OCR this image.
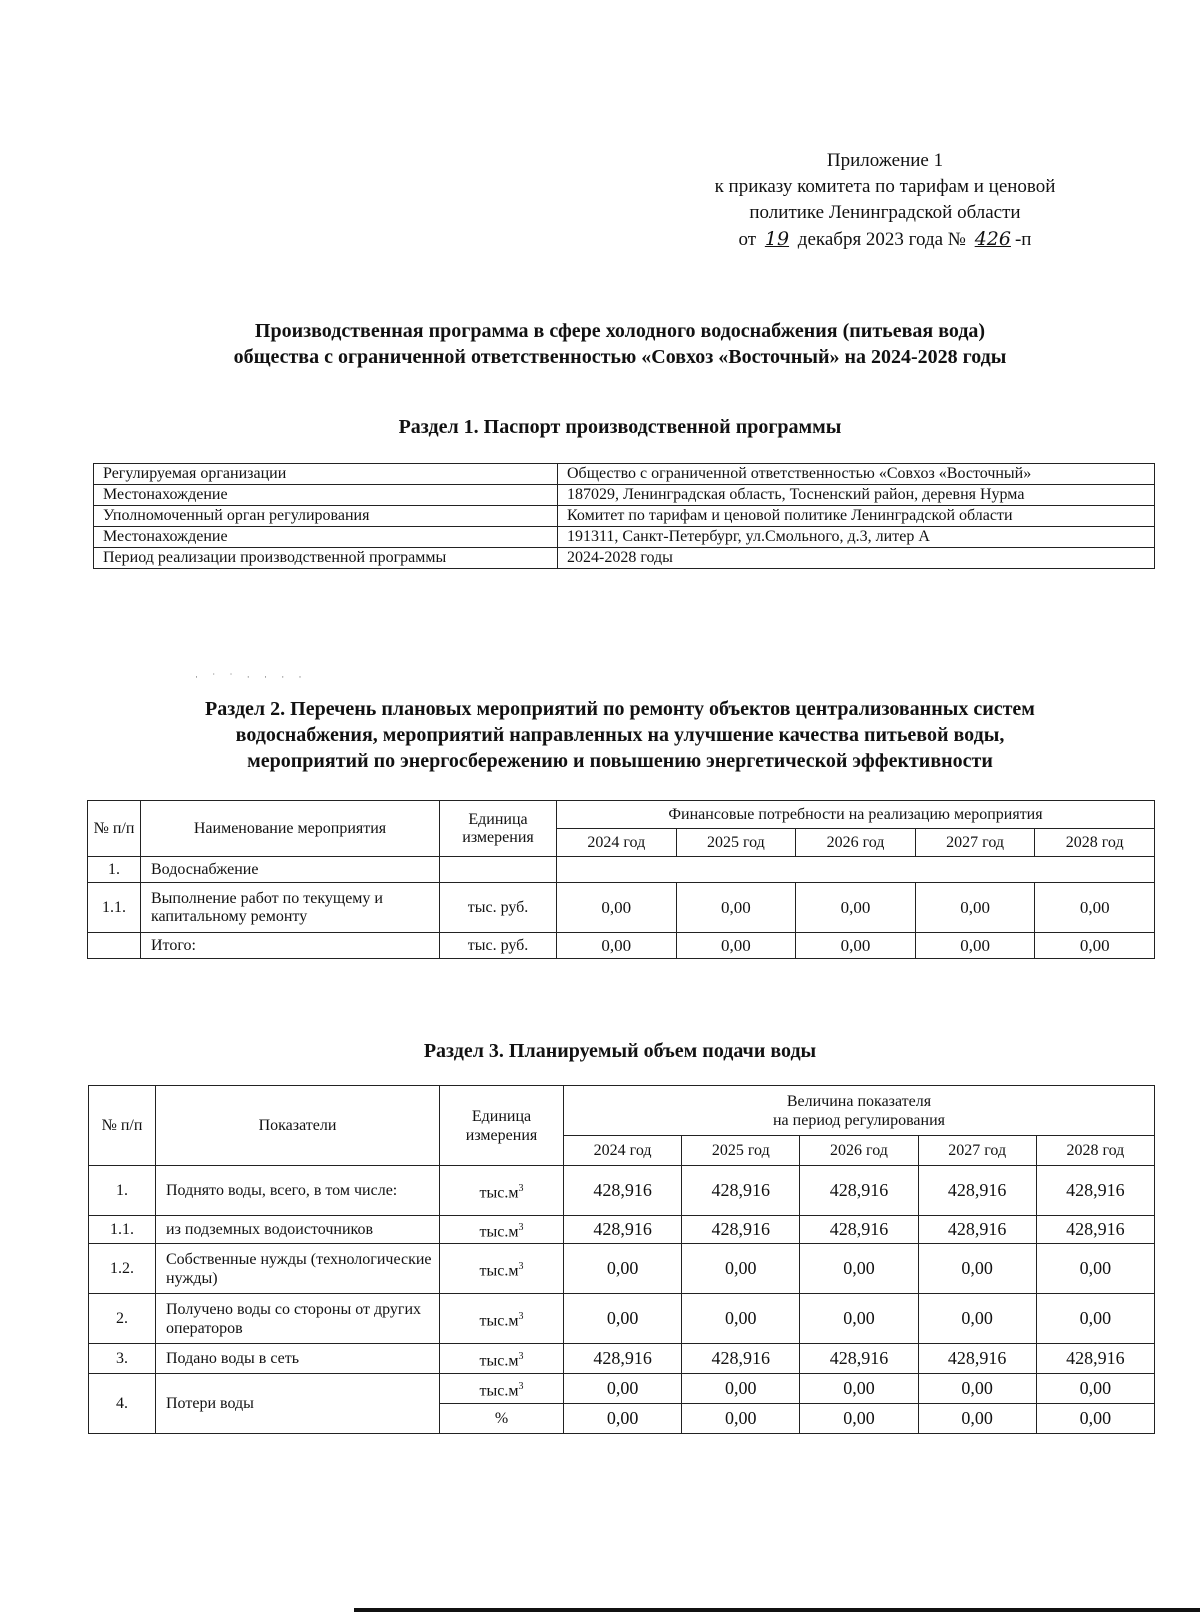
Приложение 1
к приказу комитета по тарифам и ценовой
политике Ленинградской области
от 19 декабря 2023 года № 426 -п
Производственная программа в сфере холодного водоснабжения (питьевая вода)
общества с ограниченной ответственностью «Совхоз «Восточный» на 2024-2028 годы
Раздел 1. Паспорт производственной программы
Регулируемая организации	Общество с ограниченной ответственностью «Совхоз «Восточный»
Местонахождение	187029, Ленинградская область, Тосненский район, деревня Нурма
Уполномоченный орган регулирования	Комитет по тарифам и ценовой политике Ленинградской области
Местонахождение	191311, Санкт-Петербург, ул.Смольного, д.3, литер А
Период реализации производственной программы	2024-2028 годы
· ˙ ˙ · · · ·
Раздел 2. Перечень плановых мероприятий по ремонту объектов централизованных систем
водоснабжения, мероприятий направленных на улучшение качества питьевой воды,
мероприятий по энергосбережению и повышению энергетической эффективности
№ п/п	Наименование мероприятия	Единица измерения	Финансовые потребности на реализацию мероприятия				
			2024 год	2025 год	2026 год	2027 год	2028 год
1.	Водоснабжение						
1.1.	Выполнение работ по текущему и капитальному ремонту	тыс. руб.	0,00	0,00	0,00	0,00	0,00
	Итого:	тыс. руб.	0,00	0,00	0,00	0,00	0,00
Раздел 3. Планируемый объем подачи воды
№ п/п	Показатели	Единица измерения	Величина показателя
на период регулирования				

			2024 год	2025 год	2026 год	2027 год	2028 год
1.	Поднято воды, всего, в том числе:	$тыс.м^3$	428,916	428,916	428,916	428,916	428,916
1.1.	из подземных водоисточников	$тыс.м^3$	428,916	428,916	428,916	428,916	428,916
1.2.	Собственные нужды (технологические нужды)	$тыс.м^3$	0,00	0,00	0,00	0,00	0,00
2.	Получено воды со стороны от других операторов	$тыс.м^3$	0,00	0,00	0,00	0,00	0,00
3.	Подано воды в сеть	$тыс.м^3$	428,916	428,916	428,916	428,916	428,916
4.	Потери воды	$тыс.м^3$	0,00	0,00	0,00	0,00	0,00
		%	0,00	0,00	0,00	0,00	0,00
